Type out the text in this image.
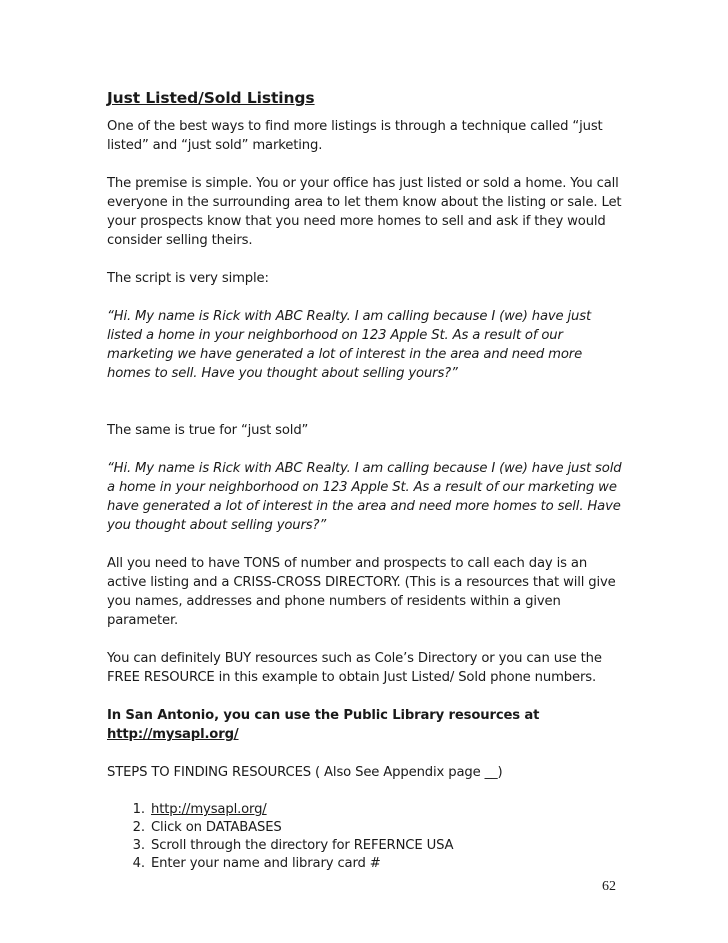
Just Listed/Sold Listings

One of the best ways to find more listings is through a technique called “just listed” and “just sold” marketing.

The premise is simple. You or your office has just listed or sold a home. You call everyone in the surrounding area to let them know about the listing or sale. Let your prospects know that you need more homes to sell and ask if they would consider selling theirs.

The script is very simple:

“Hi. My name is Rick with ABC Realty. I am calling because I (we) have just listed a home in your neighborhood on 123 Apple St. As a result of our marketing we have generated a lot of interest in the area and need more homes to sell. Have you thought about selling yours?”

The same is true for “just sold”

“Hi. My name is Rick with ABC Realty. I am calling because I (we) have just sold a home in your neighborhood on 123 Apple St. As a result of our marketing we have generated a lot of interest in the area and need more homes to sell. Have you thought about selling yours?”

All you need to have TONS of number and prospects to call each day is an active listing and a CRISS-CROSS DIRECTORY. (This is a resources that will give you names, addresses and phone numbers of residents within a given parameter.

You can definitely BUY resources such as Cole’s Directory or you can use the FREE RESOURCE in this example to obtain Just Listed/ Sold phone numbers.

In San Antonio, you can use the Public Library resources at
http://mysapl.org/

STEPS TO FINDING RESOURCES ( Also See Appendix page __)

1. http://mysapl.org/
2. Click on DATABASES
3. Scroll through the directory for REFERNCE USA
4. Enter your name and library card #
62
